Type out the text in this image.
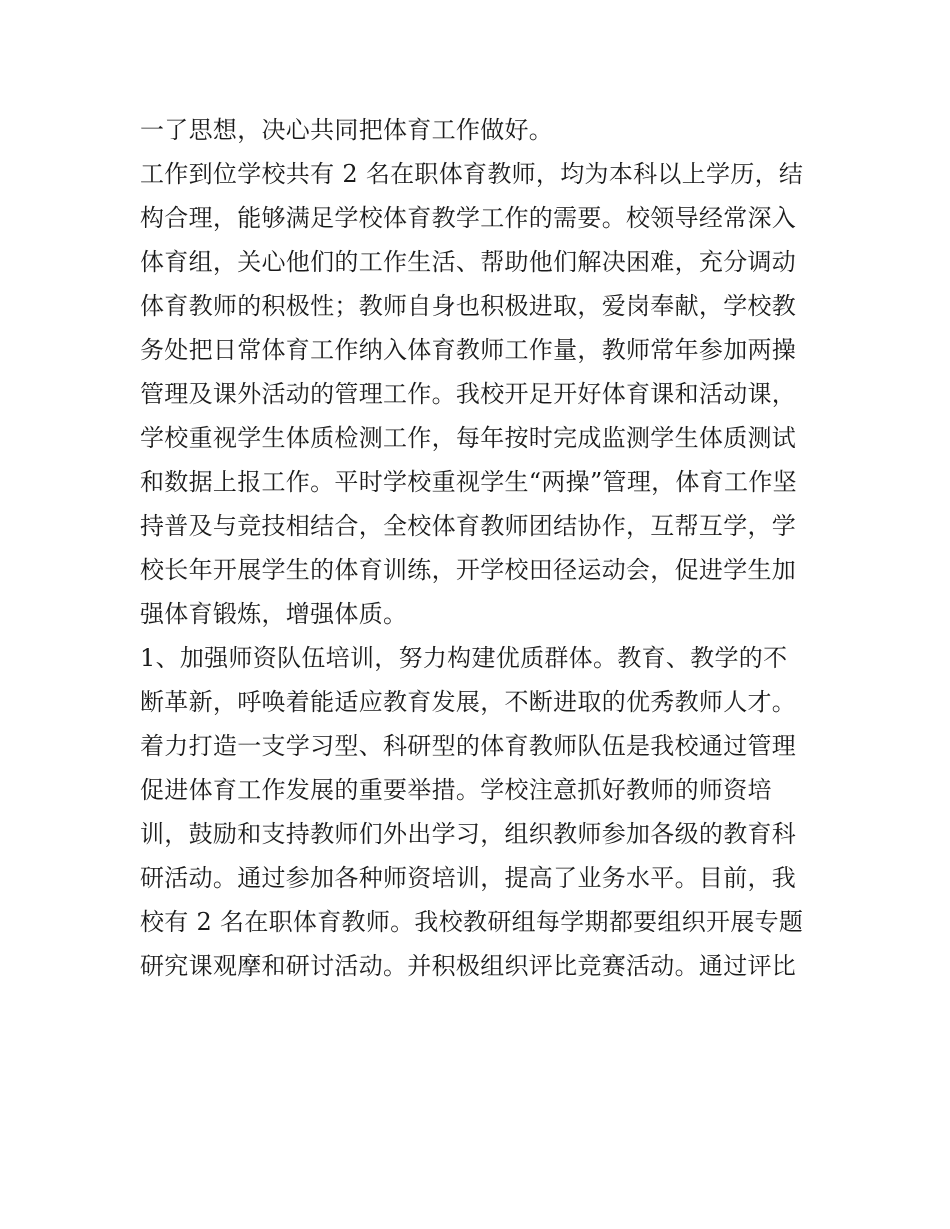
一了思想，决心共同把体育工作做好。
工作到位学校共有 2 名在职体育教师，均为本科以上学历，结
构合理，能够满足学校体育教学工作的需要。校领导经常深入
体育组，关心他们的工作生活、帮助他们解决困难，充分调动
体育教师的积极性；教师自身也积极进取，爱岗奉献，学校教
务处把日常体育工作纳入体育教师工作量，教师常年参加两操
管理及课外活动的管理工作。我校开足开好体育课和活动课，
学校重视学生体质检测工作，每年按时完成监测学生体质测试
和数据上报工作。平时学校重视学生“两操”管理，体育工作坚
持普及与竞技相结合，全校体育教师团结协作，互帮互学，学
校长年开展学生的体育训练，开学校田径运动会，促进学生加
强体育锻炼，增强体质。
1、加强师资队伍培训，努力构建优质群体。教育、教学的不
断革新，呼唤着能适应教育发展，不断进取的优秀教师人才。
着力打造一支学习型、科研型的体育教师队伍是我校通过管理
促进体育工作发展的重要举措。学校注意抓好教师的师资培
训，鼓励和支持教师们外出学习，组织教师参加各级的教育科
研活动。通过参加各种师资培训，提高了业务水平。目前，我
校有 2 名在职体育教师。我校教研组每学期都要组织开展专题
研究课观摩和研讨活动。并积极组织评比竞赛活动。通过评比
